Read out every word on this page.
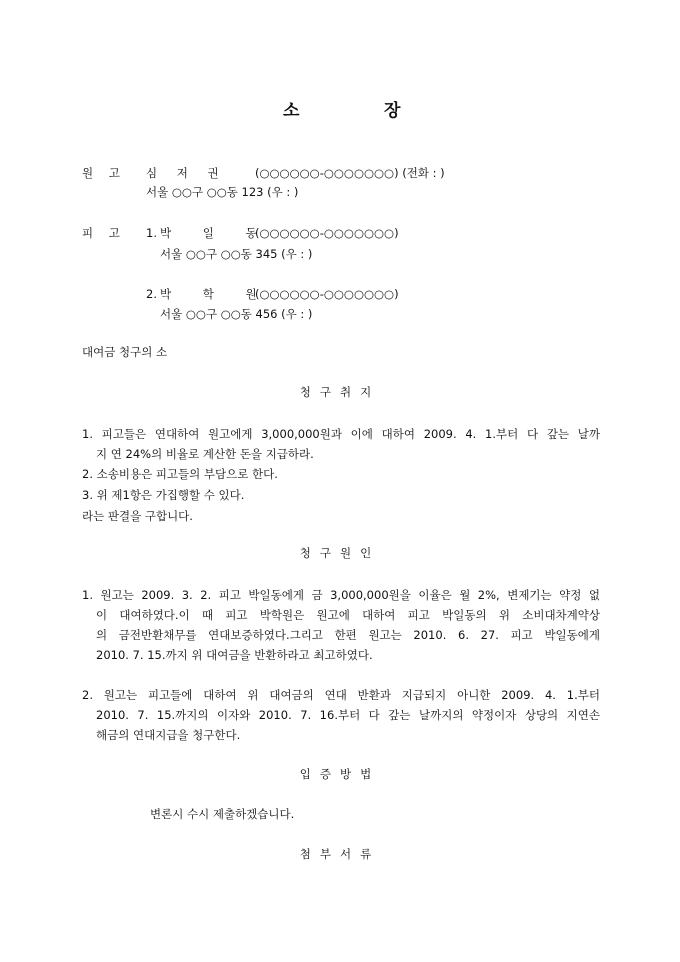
소	장
원 고 심 저 권 (○○○○○○-○○○○○○○) (전화 : )
서울 ○○구 ○○동 123 (우 : )
피 고 1. 박 일 동
(○○○○○○-○○○○○○○)
서울 ○○구 ○○동 345 (우 : )
2. 박 학 원
(○○○○○○-○○○○○○○)
서울 ○○구 ○○동 456 (우 : )
대여금 청구의 소
청구취지
1. 피고들은 연대하여 원고에게 3,000,000원과 이에 대하여 2009. 4. 1.부터 다 갚는 날까
지 연 24%의 비율로 계산한 돈을 지급하라.
2. 소송비용은 피고들의 부담으로 한다.
3. 위 제1항은 가집행할 수 있다.
라는 판결을 구합니다.
청구원인
1. 원고는 2009. 3. 2. 피고 박일동에게 금 3,000,000원을 이율은 월 2%, 변제기는 약정 없
이 대여하였다.이 때 피고 박학원은 원고에 대하여 피고 박일동의 위 소비대차계약상
의 금전반환채무를 연대보증하였다.그리고 한편 원고는 2010. 6. 27. 피고 박일동에게
2010. 7. 15.까지 위 대여금을 반환하라고 최고하였다.
2. 원고는 피고들에 대하여 위 대여금의 연대 반환과 지급되지 아니한 2009. 4. 1.부터
2010. 7. 15.까지의 이자와 2010. 7. 16.부터 다 갚는 날까지의 약정이자 상당의 지연손
해금의 연대지급을 청구한다.
입증방법
변론시 수시 제출하겠습니다.
첨부서류
